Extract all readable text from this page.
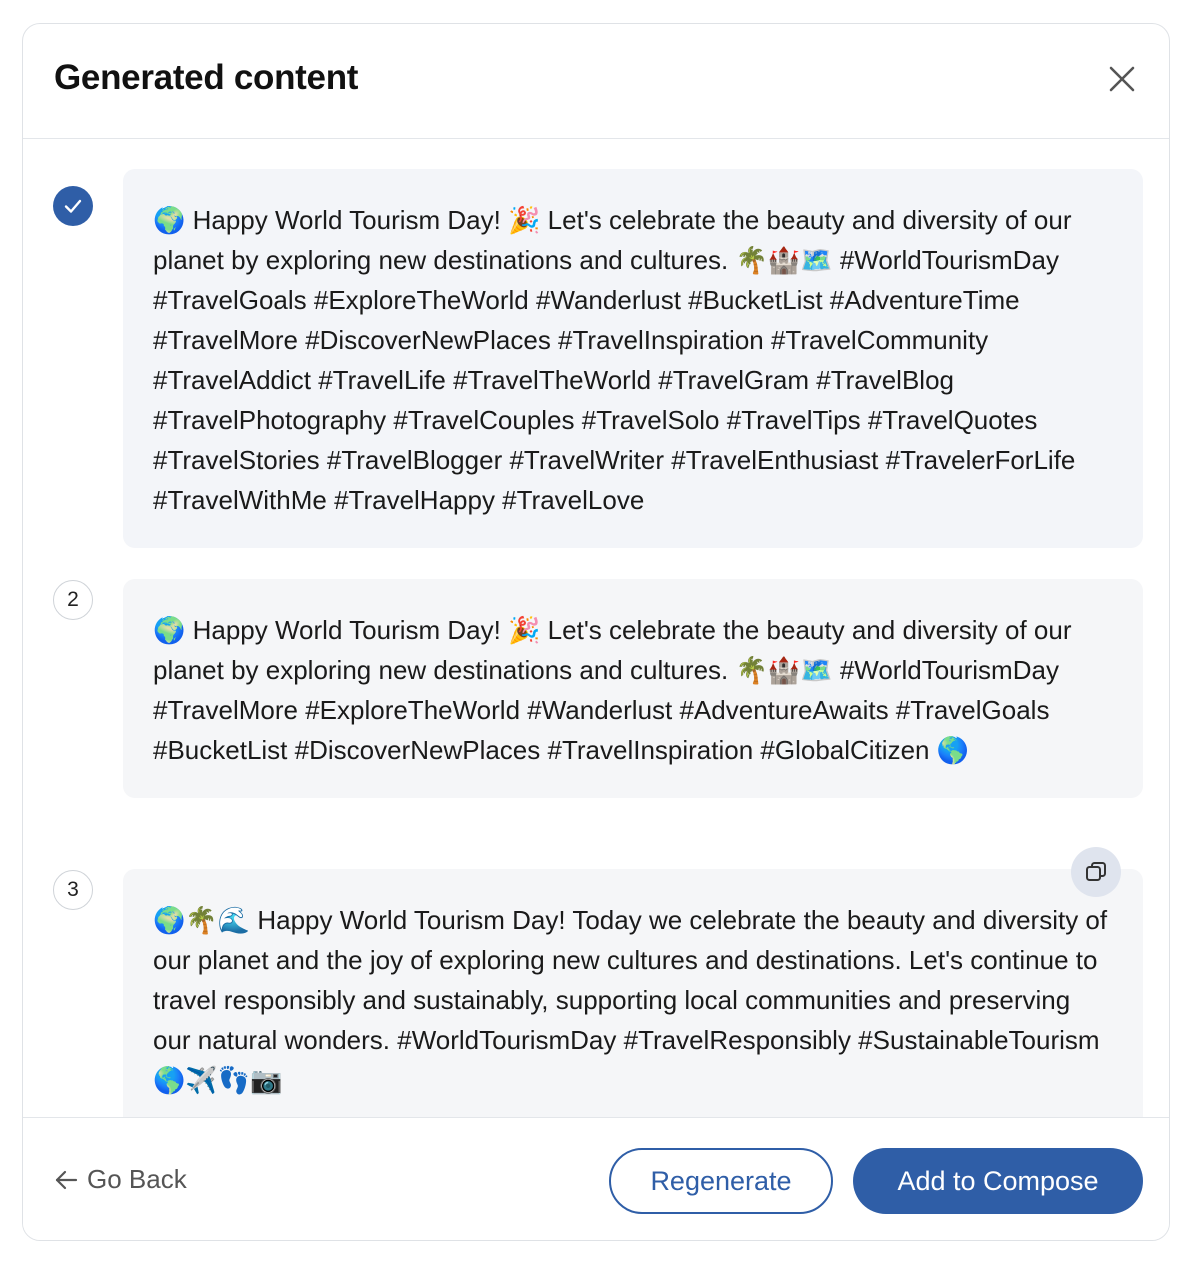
Generated content
🌍 Happy World Tourism Day! 🎉 Let's celebrate the beauty and diversity of our planet by exploring new destinations and cultures. 🌴🏰🗺️ #WorldTourismDay #TravelGoals #ExploreTheWorld #Wanderlust #BucketList #AdventureTime #TravelMore #DiscoverNewPlaces #TravelInspiration #TravelCommunity #TravelAddict #TravelLife #TravelTheWorld #TravelGram #TravelBlog #TravelPhotography #TravelCouples #TravelSolo #TravelTips #TravelQuotes #TravelStories #TravelBlogger #TravelWriter #TravelEnthusiast #TravelerForLife #TravelWithMe #TravelHappy #TravelLove
2
🌍 Happy World Tourism Day! 🎉 Let's celebrate the beauty and diversity of our planet by exploring new destinations and cultures. 🌴🏰🗺️ #WorldTourismDay #TravelMore #ExploreTheWorld #Wanderlust #AdventureAwaits #TravelGoals #BucketList #DiscoverNewPlaces #TravelInspiration #GlobalCitizen 🌎
3
🌍🌴🌊 Happy World Tourism Day! Today we celebrate the beauty and diversity of our planet and the joy of exploring new cultures and destinations. Let's continue to travel responsibly and sustainably, supporting local communities and preserving our natural wonders. #WorldTourismDay #TravelResponsibly #SustainableTourism 🌎✈️👣📷
Go Back	Regenerate	Add to Compose
